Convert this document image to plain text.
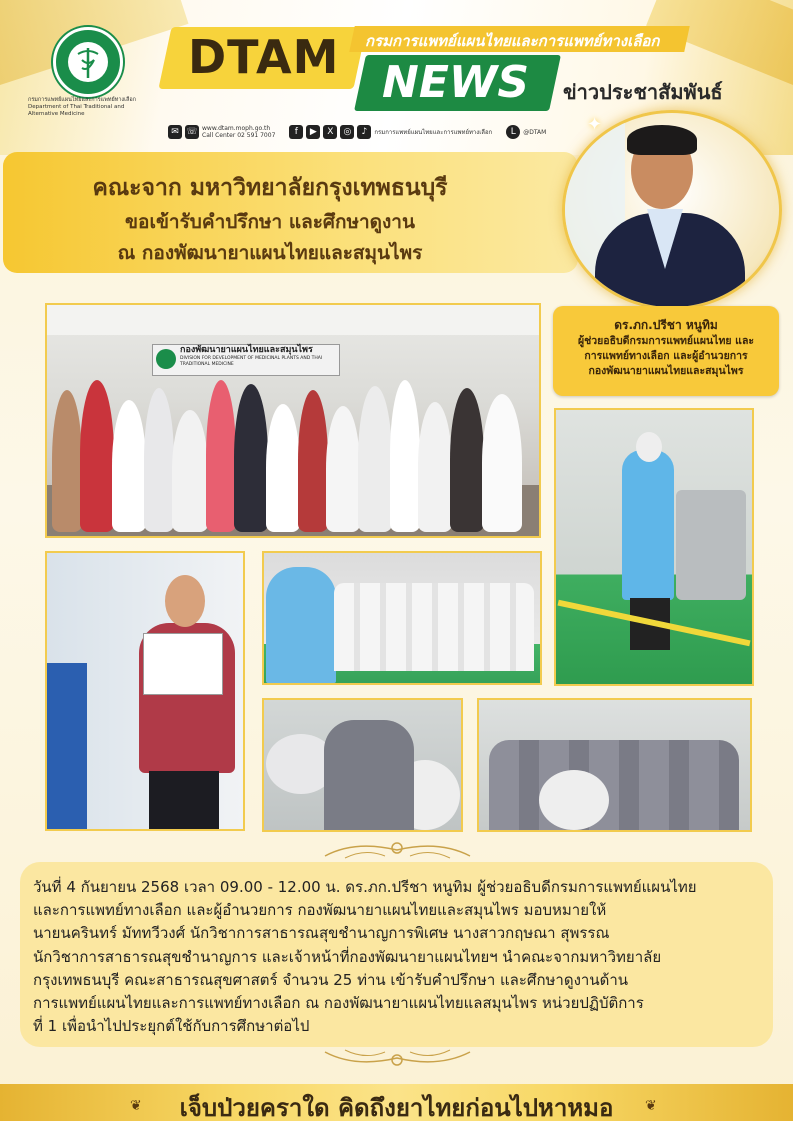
กรมการแพทย์แผนไทยและการแพทย์ทางเลือก
Department of Thai Traditional and Alternative Medicine
DTAM กรมการแพทย์แผนไทยและการแพทย์ทางเลือก
NEWS ข่าวประชาสัมพันธ์
✉ ☏ www.dtam.moph.go.th
Call Center 02 591 7007	f	▶	X	◎	♪	กรมการแพทย์แผนไทยและการแพทย์ทางเลือก	L	@DTAM
คณะจาก มหาวิทยาลัยกรุงเทพธนบุรี
ขอเข้ารับคำปรึกษา และศึกษาดูงาน
ณ กองพัฒนายาแผนไทยและสมุนไพร
✦
ดร.ภก.ปรีชา หนูทิม
ผู้ช่วยอธิบดีกรมการแพทย์แผนไทย และ
การแพทย์ทางเลือก และผู้อำนวยการ
กองพัฒนายาแผนไทยและสมุนไพร
กองพัฒนายาแผนไทยและสมุนไพร
DIVISION FOR DEVELOPMENT OF MEDICINAL PLANTS AND THAI TRADITIONAL MEDICINE
วันที่ 4 กันยายน 2568 เวลา 09.00 - 12.00 น. ดร.ภก.ปรีชา หนูทิม ผู้ช่วยอธิบดีกรมการแพทย์แผนไทย
และการแพทย์ทางเลือก และผู้อำนวยการ กองพัฒนายาแผนไทยและสมุนไพร มอบหมายให้
นายนครินทร์ มัททวีวงศ์ นักวิชาการสาธารณสุขชำนาญการพิเศษ นางสาวกฤษณา สุพรรณ
นักวิชาการสาธารณสุขชำนาญการ และเจ้าหน้าที่กองพัฒนายาแผนไทยฯ นำคณะจากมหาวิทยาลัย
กรุงเทพธนบุรี คณะสาธารณสุขศาสตร์ จำนวน 25 ท่าน เข้ารับคำปรึกษา และศึกษาดูงานด้าน
การแพทย์แผนไทยและการแพทย์ทางเลือก ณ กองพัฒนายาแผนไทยแลสมุนไพร หน่วยปฏิบัติการ
ที่ 1 เพื่อนำไปประยุกต์ใช้กับการศึกษาต่อไป
❦	❦
เจ็บป่วยคราใด คิดถึงยาไทยก่อนไปหาหมอ
